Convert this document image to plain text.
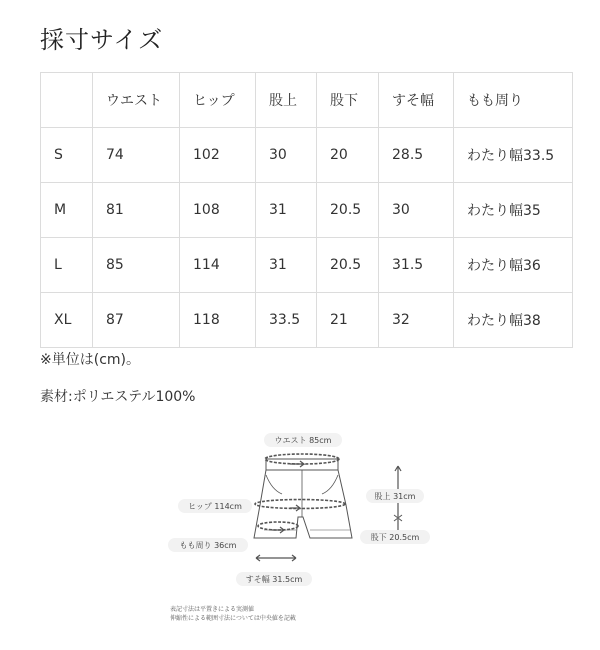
採寸サイズ
	ウエスト	ヒップ	股上	股下	すそ幅	もも周り
S	74	102	30	20	28.5	わたり幅33.5
M	81	108	31	20.5	30	わたり幅35
L	85	114	31	20.5	31.5	わたり幅36
XL	87	118	33.5	21	32	わたり幅38
※単位は(cm)。
素材:ポリエステル100%
ウエスト 85cm
ヒップ 114cm
もも周り 36cm
すそ幅 31.5cm
股上 31cm
股下 20.5cm
表記寸法は平置きによる実測値
伸縮性による範囲寸法については中央値を記載
